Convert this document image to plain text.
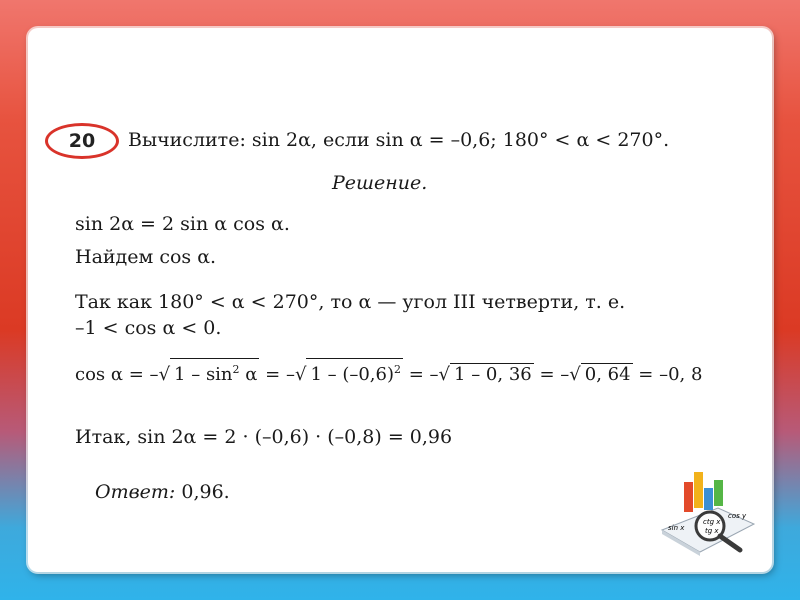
20 Вычислите: sin 2α, если sin α = –0,6; 180° < α < 270°.
Решение.
sin 2α = 2 sin α cos α.
Найдем cos α.
Так как 180° < α < 270°, то α — угол III четверти, т. е.
–1 < cos α < 0.
cos α = –√ $1 - \sin^2 \alpha$ = –√ $1 - (-0,6)^2$ = –√ 1 – 0, 36 = –√ 0, 64 = –0, 8
Итак, sin 2α = 2 · (–0,6) · (–0,8) = 0,96
Ответ: 0,96.
ctg x
tg x
cos y
sin x
